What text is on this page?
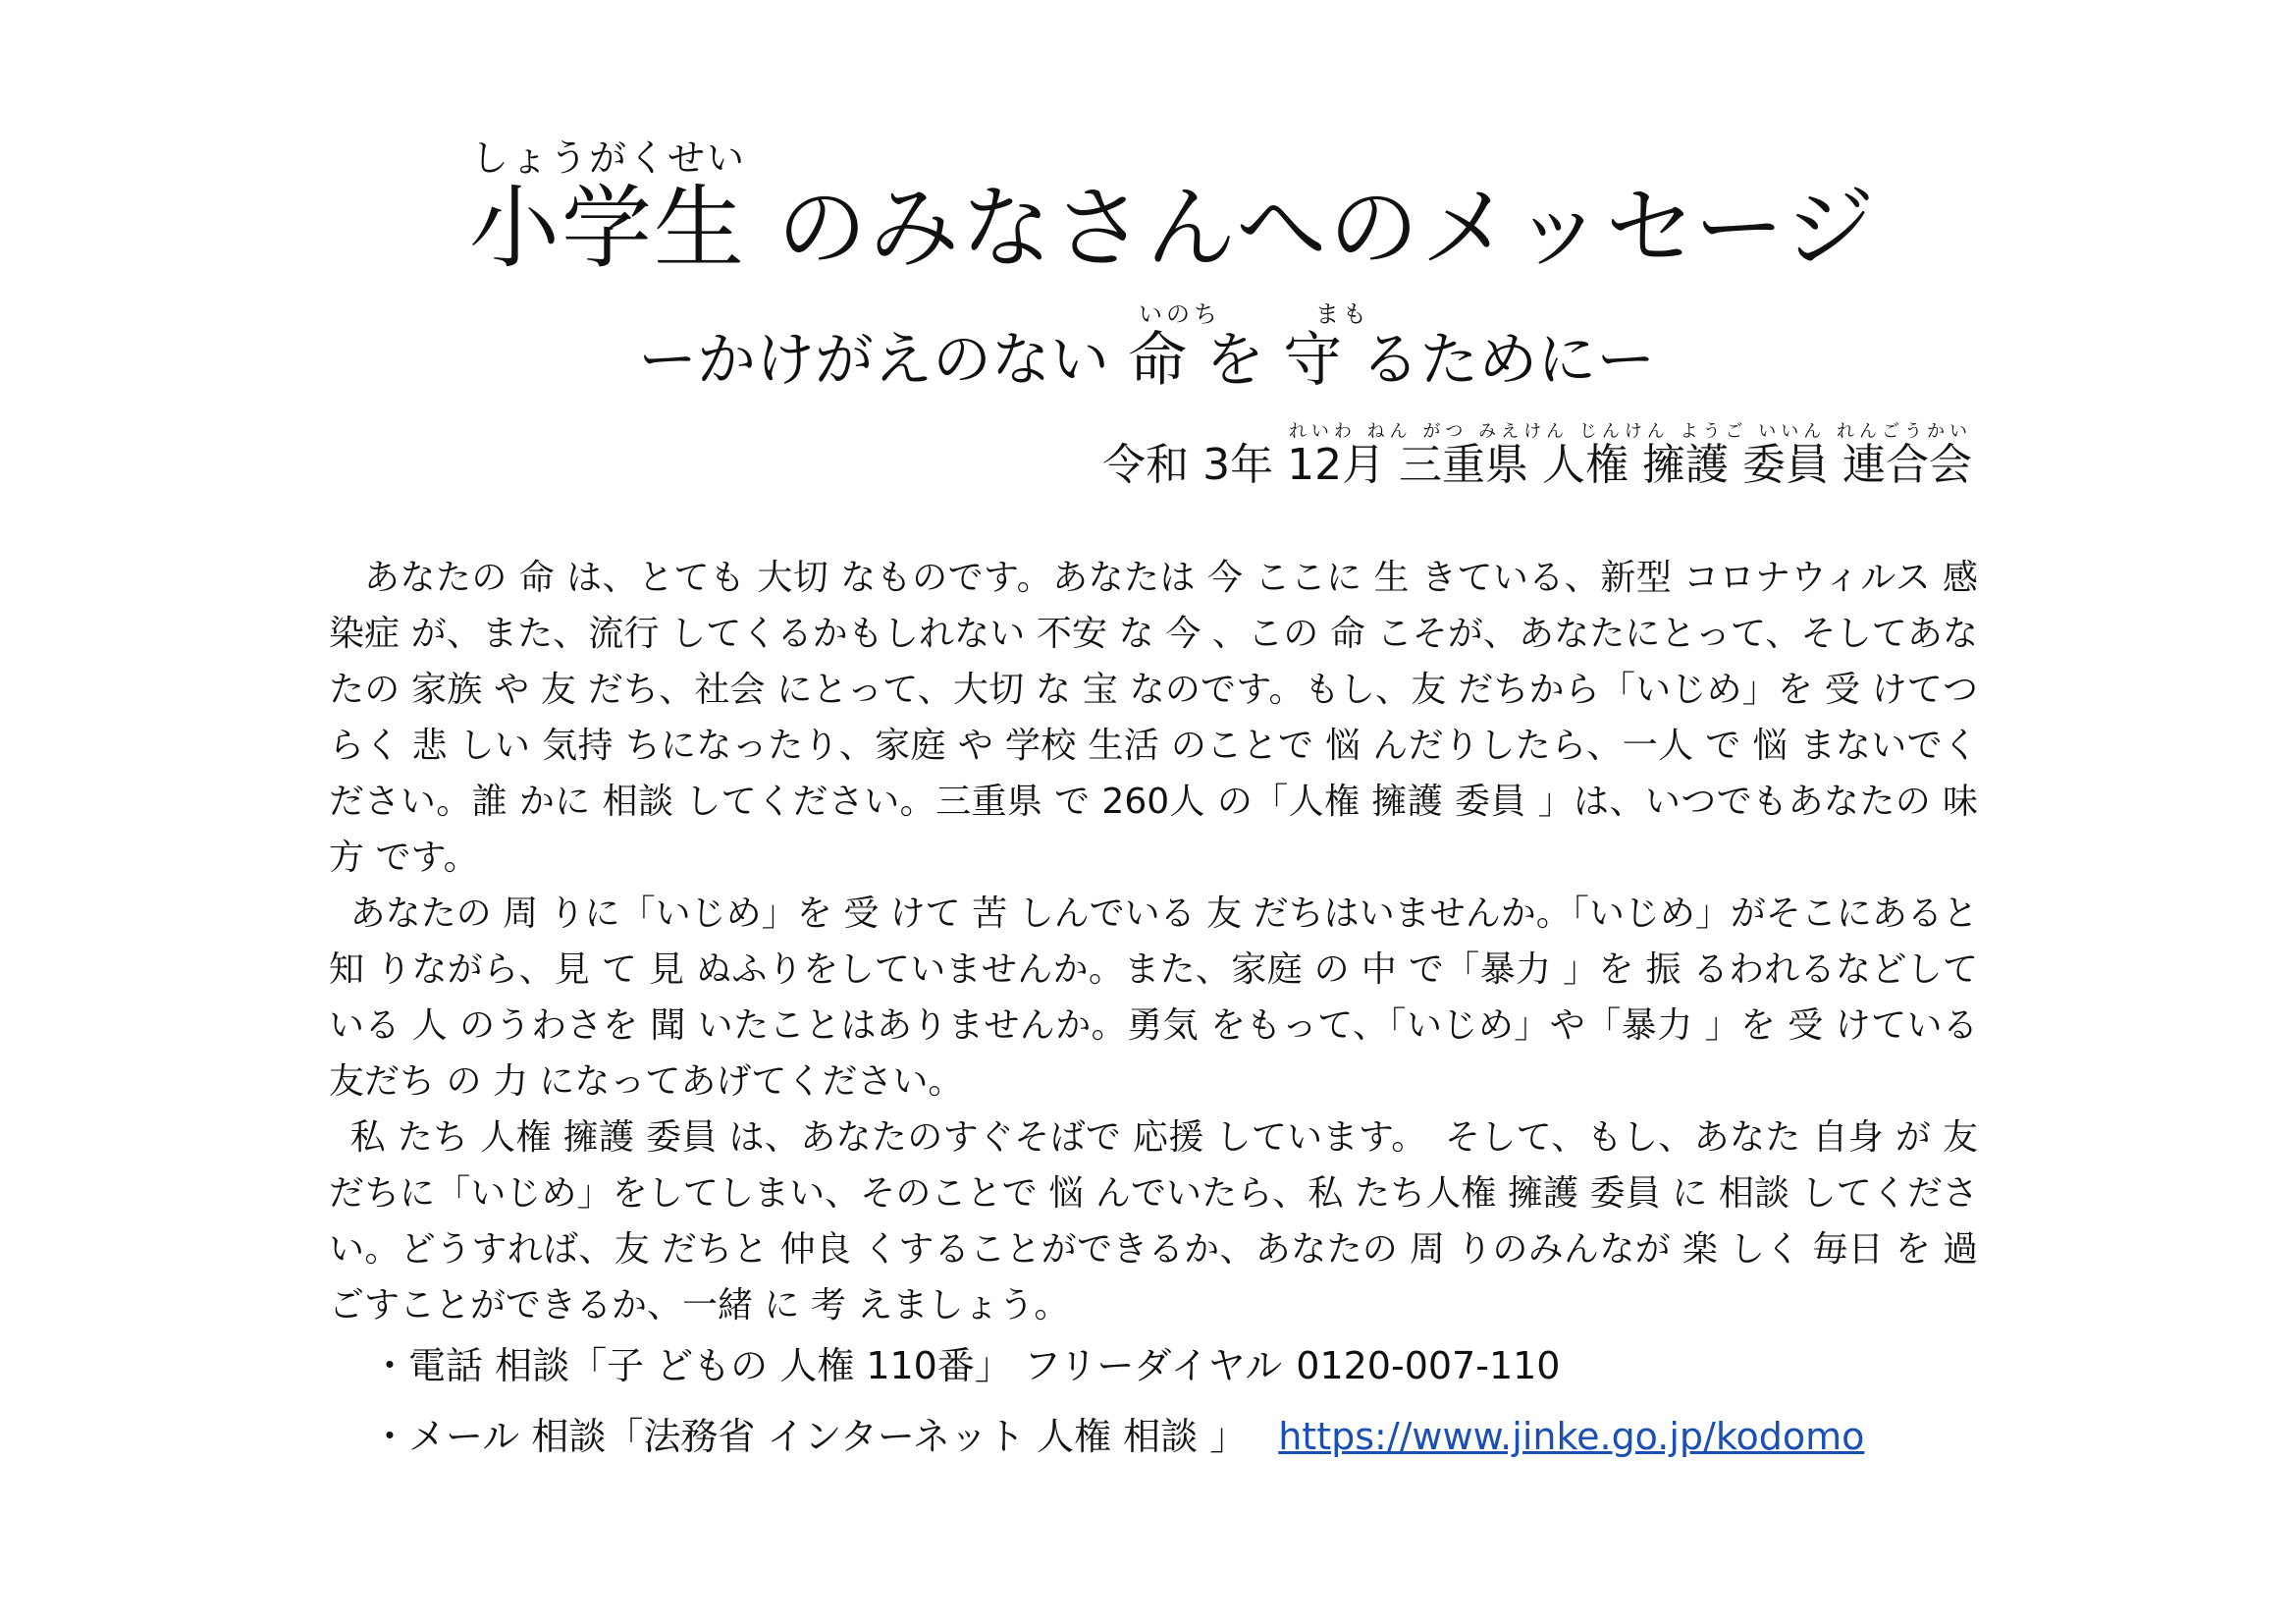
しょうがくせい
小学生 のみなさんへのメッセージ
いのち	まも
ーかけがえのない 命 を 守 るためにー
れいわ ねん がつ みえけん じんけん ようご いいん れんごうかい
令和 3年 12月 三重県 人権 擁護 委員 連合会

あなたの 命 は、とても 大切 なものです。あなたは 今 ここに 生 きている、新型 コロナウィルス 感染症 が、また、流行 してくるかもしれない 不安 な 今 、この 命 こそが、あなたにとって、そしてあなたの 家族 や 友 だち、社会 にとって、大切 な 宝 なのです。もし、友 だちから「いじめ」を 受 けてつらく 悲 しい 気持 ちになったり、家庭 や 学校 生活 のことで 悩 んだりしたら、一人 で 悩 まないでください。誰 かに 相談 してください。三重県 で 260人 の「人権 擁護 委員 」は、いつでもあなたの 味方 です。

あなたの 周 りに「いじめ」を 受 けて 苦 しんでいる 友 だちはいませんか。「いじめ」がそこにあると 知 りながら、見 て 見 ぬふりをしていませんか。また、家庭 の 中 で「暴力 」を 振 るわれるなどしている 人 のうわさを 聞 いたことはありませんか。勇気 をもって、「いじめ」や「暴力 」を 受 けている 友だち の 力 になってあげてください。

私 たち 人権 擁護 委員 は、あなたのすぐそばで 応援 しています。　そして、もし、あなた 自身 が 友 だちに「いじめ」をしてしまい、そのことで 悩 んでいたら、私 たち人権 擁護 委員 に 相談 してください。どうすれば、友 だちと 仲良 くすることができるか、あなたの 周 りのみんなが 楽 しく 毎日 を 過 ごすことができるか、一緒 に 考 えましょう。

・電話 相談「子 どもの 人権 110番」 フリーダイヤル 0120-007-110
・メール 相談「法務省 インターネット 人権 相談 」 https://www.jinke.go.jp/kodomo
